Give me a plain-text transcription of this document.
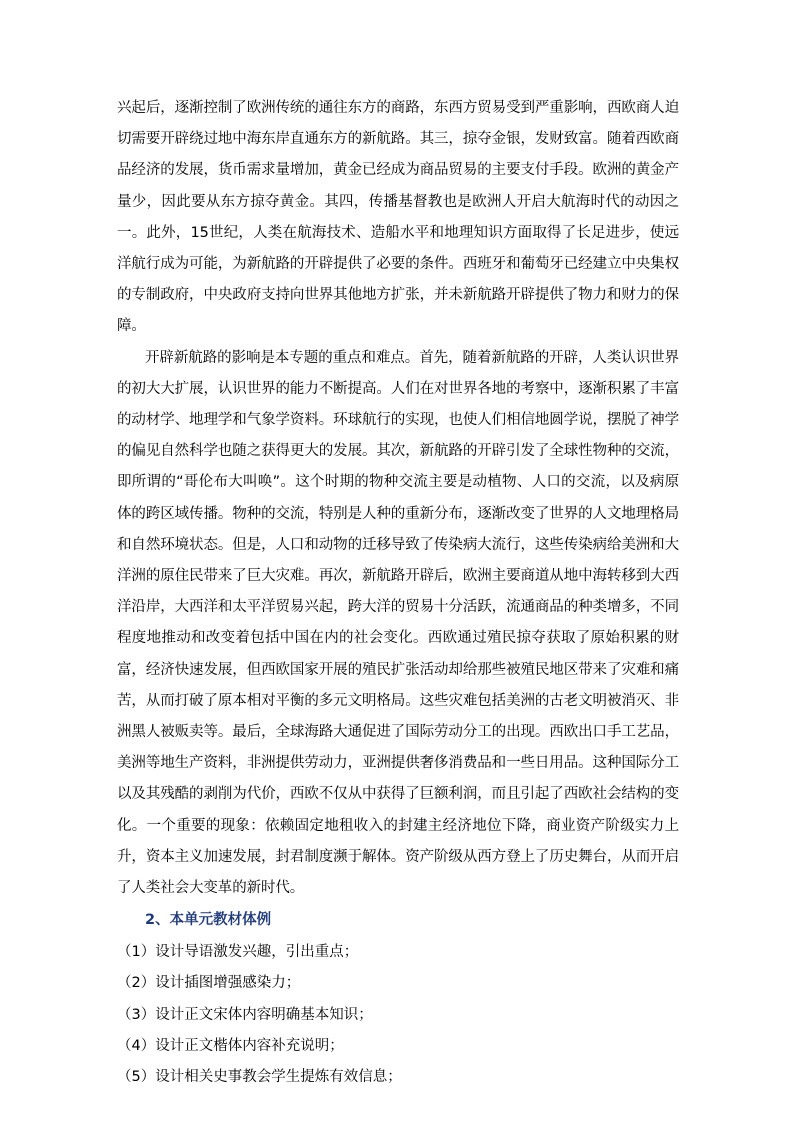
兴起后，逐渐控制了欧洲传统的通往东方的商路，东西方贸易受到严重影响，西欧商人迫切需要开辟绕过地中海东岸直通东方的新航路。其三，掠夺金银，发财致富。随着西欧商品经济的发展，货币需求量增加，黄金已经成为商品贸易的主要支付手段。欧洲的黄金产量少，因此要从东方掠夺黄金。其四，传播基督教也是欧洲人开启大航海时代的动因之一。此外，15世纪，人类在航海技术、造船水平和地理知识方面取得了长足进步，使远洋航行成为可能，为新航路的开辟提供了必要的条件。西班牙和葡萄牙已经建立中央集权的专制政府，中央政府支持向世界其他地方扩张，并未新航路开辟提供了物力和财力的保障。

开辟新航路的影响是本专题的重点和难点。首先，随着新航路的开辟，人类认识世界的初大大扩展，认识世界的能力不断提高。人们在对世界各地的考察中，逐渐积累了丰富的动材学、地理学和气象学资料。环球航行的实现，也使人们相信地圆学说，摆脱了神学的偏见自然科学也随之获得更大的发展。其次，新航路的开辟引发了全球性物种的交流，即所谓的“哥伦布大叫唤”。这个时期的物种交流主要是动植物、人口的交流，以及病原体的跨区域传播。物种的交流，特别是人种的重新分布，逐渐改变了世界的人文地理格局和自然环境状态。但是，人口和动物的迁移导致了传染病大流行，这些传染病给美洲和大洋洲的原住民带来了巨大灾难。再次，新航路开辟后，欧洲主要商道从地中海转移到大西洋沿岸，大西洋和太平洋贸易兴起，跨大洋的贸易十分活跃，流通商品的种类增多，不同程度地推动和改变着包括中国在内的社会变化。西欧通过殖民掠夺获取了原始积累的财富，经济快速发展，但西欧国家开展的殖民扩张活动却给那些被殖民地区带来了灾难和痛苦，从而打破了原本相对平衡的多元文明格局。这些灾难包括美洲的古老文明被消灭、非洲黑人被贩卖等。最后，全球海路大通促进了国际劳动分工的出现。西欧出口手工艺品，美洲等地生产资料，非洲提供劳动力，亚洲提供奢侈消费品和一些日用品。这种国际分工以及其残酷的剥削为代价，西欧不仅从中获得了巨额利润，而且引起了西欧社会结构的变化。一个重要的现象：依赖固定地租收入的封建主经济地位下降，商业资产阶级实力上升，资本主义加速发展，封君制度濒于解体。资产阶级从西方登上了历史舞台，从而开启了人类社会大变革的新时代。

2、本单元教材体例
（1）设计导语激发兴趣，引出重点；
（2）设计插图增强感染力；
（3）设计正文宋体内容明确基本知识；
（4）设计正文楷体内容补充说明；
（5）设计相关史事教会学生提炼有效信息；
